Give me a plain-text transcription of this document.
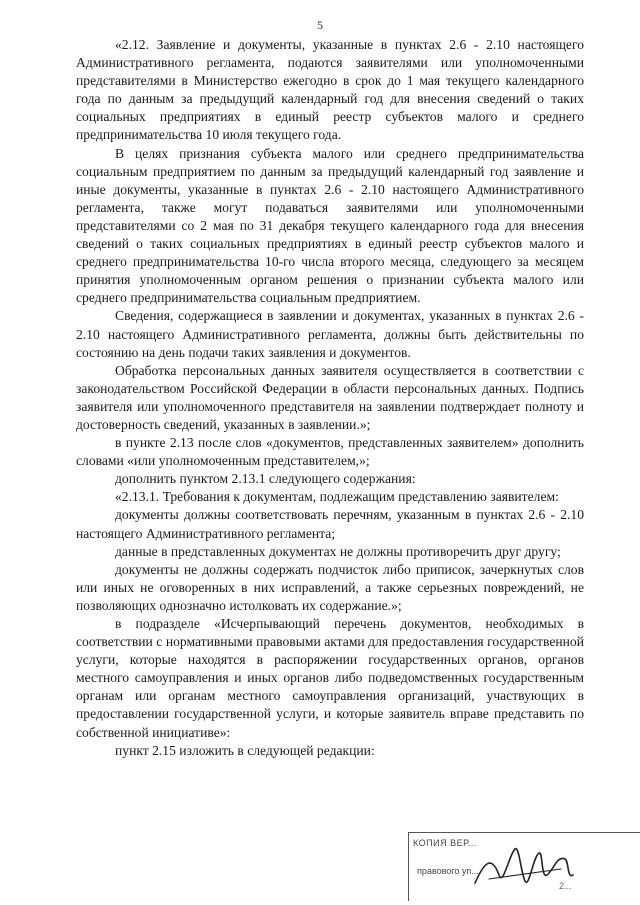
5

«2.12. Заявление и документы, указанные в пунктах 2.6 - 2.10 настоящего Административного регламента, подаются заявителями или уполномоченными представителями в Министерство ежегодно в срок до 1 мая текущего календарного года по данным за предыдущий календарный год для внесения сведений о таких социальных предприятиях в единый реестр субъектов малого и среднего предпринимательства 10 июля текущего года.

В целях признания субъекта малого или среднего предпринимательства социальным предприятием по данным за предыдущий календарный год заявление и иные документы, указанные в пунктах 2.6 - 2.10 настоящего Административного регламента, также могут подаваться заявителями или уполномоченными представителями со 2 мая по 31 декабря текущего календарного года для внесения сведений о таких социальных предприятиях в единый реестр субъектов малого и среднего предпринимательства 10-го числа второго месяца, следующего за месяцем принятия уполномоченным органом решения о признании субъекта малого или среднего предпринимательства социальным предприятием.

Сведения, содержащиеся в заявлении и документах, указанных в пунктах 2.6 - 2.10 настоящего Административного регламента, должны быть действительны по состоянию на день подачи таких заявления и документов.

Обработка персональных данных заявителя осуществляется в соответствии с законодательством Российской Федерации в области персональных данных. Подпись заявителя или уполномоченного представителя на заявлении подтверждает полноту и достоверность сведений, указанных в заявлении.»;

в пункте 2.13 после слов «документов, представленных заявителем» дополнить словами «или уполномоченным представителем,»;

дополнить пунктом 2.13.1 следующего содержания:

«2.13.1. Требования к документам, подлежащим представлению заявителем:

документы должны соответствовать перечням, указанным в пунктах 2.6 - 2.10 настоящего Административного регламента;

данные в представленных документах не должны противоречить друг другу;

документы не должны содержать подчисток либо приписок, зачеркнутых слов или иных не оговоренных в них исправлений, а также серьезных повреждений, не позволяющих однозначно истолковать их содержание.»;

в подразделе «Исчерпывающий перечень документов, необходимых в соответствии с нормативными правовыми актами для предоставления государственной услуги, которые находятся в распоряжении государственных органов, органов местного самоуправления и иных органов либо подведомственных государственным органам или органам местного самоуправления организаций, участвующих в предоставлении государственной услуги, и которые заявитель вправе представить по собственной инициативе»:

пункт 2.15 изложить в следующей редакции:

КОПИЯ ВЕР...
правового уп...
2...
